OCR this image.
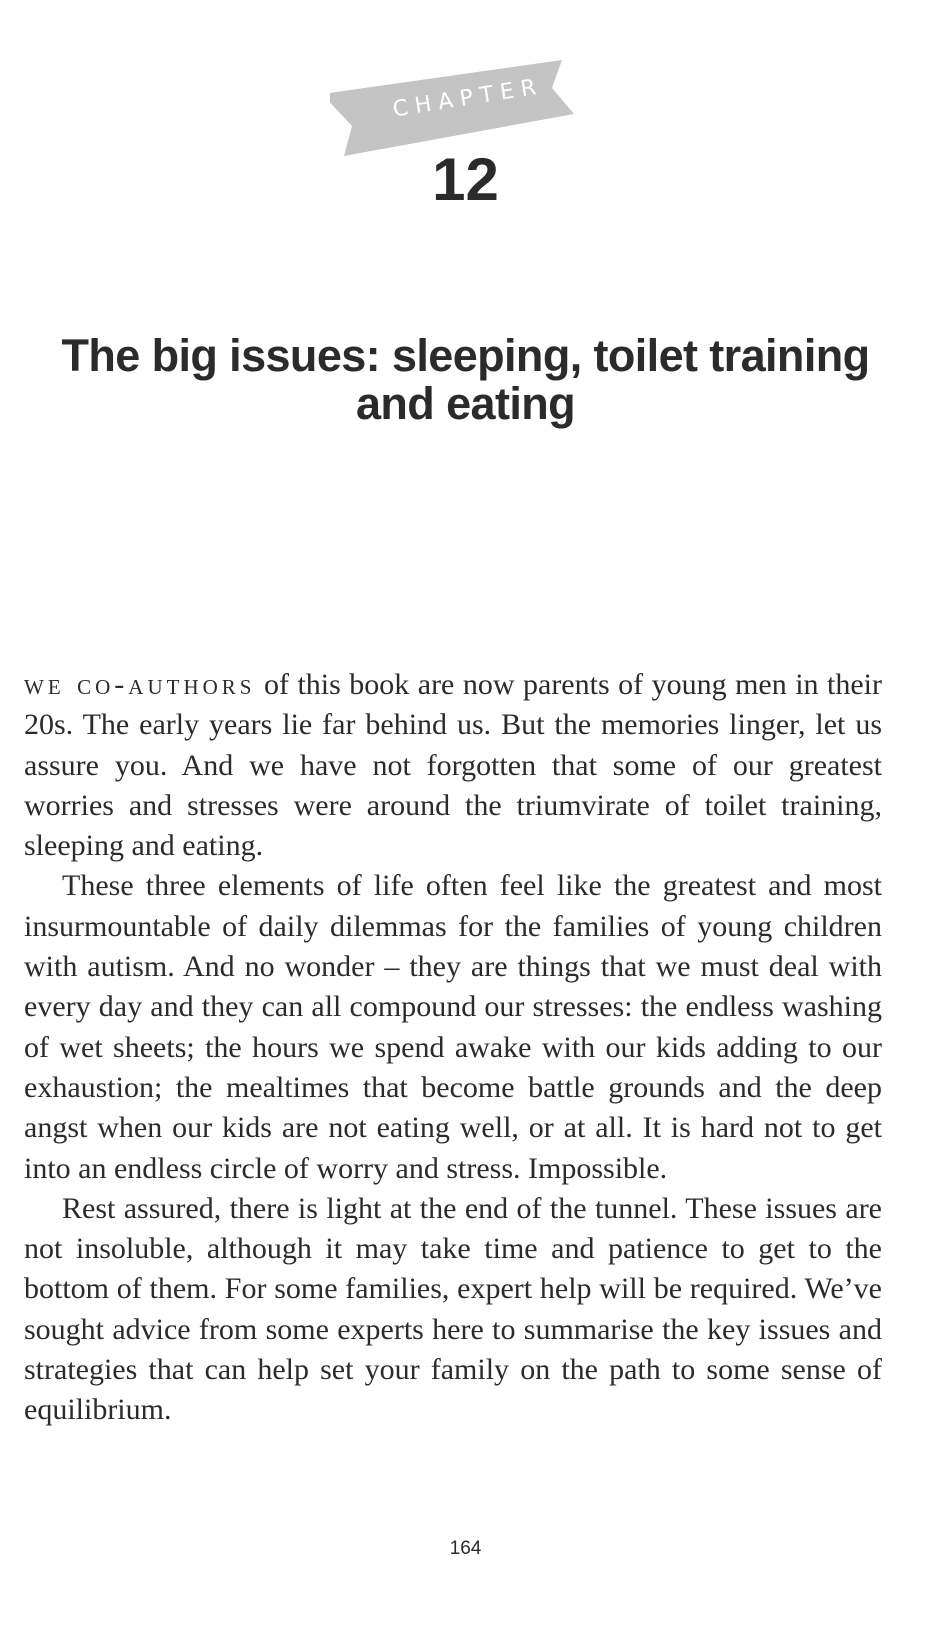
CHAPTER
12
The big issues: sleeping, toilet training and eating

we co-authors of this book are now parents of young men in their 20s. The early years lie far behind us. But the memories linger, let us assure you. And we have not forgotten that some of our greatest worries and stresses were around the triumvirate of toilet training, sleeping and eating.

These three elements of life often feel like the greatest and most insurmountable of daily dilemmas for the families of young children with autism. And no wonder – they are things that we must deal with every day and they can all compound our stresses: the endless washing of wet sheets; the hours we spend awake with our kids adding to our exhaustion; the mealtimes that become battle grounds and the deep angst when our kids are not eating well, or at all. It is hard not to get into an endless circle of worry and stress. Impossible.

Rest assured, there is light at the end of the tunnel. These issues are not insoluble, although it may take time and patience to get to the bottom of them. For some families, expert help will be required. We’ve sought advice from some experts here to summarise the key issues and strategies that can help set your family on the path to some sense of equilibrium.

164
